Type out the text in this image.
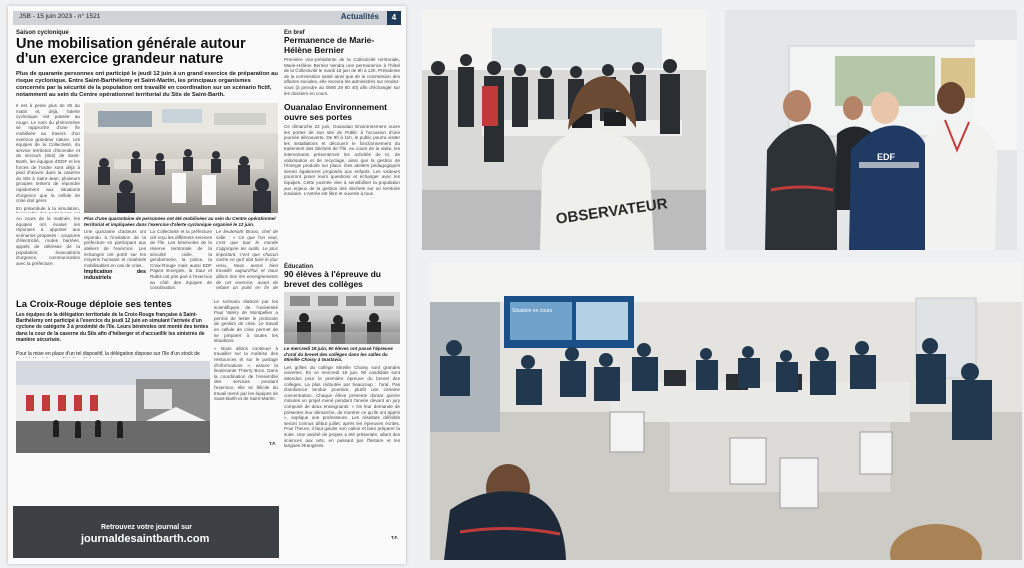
JSB - 15 juin 2023 - n° 1521	Actualités	4
Saison cyclonique
Une mobilisation générale autour
d'un exercice grandeur nature
Plus de quarante personnes ont participé le jeudi 12 juin à un grand exercice de préparation au risque cyclonique. Entre Saint-Barthélemy et Saint-Martin, les principaux organismes concernés par la sécurité de la population ont travaillé en coordination sur un scénario fictif, notamment au sein du Centre opérationnel territorial du Stis de Saint-Barth.

Il est à peine plus de 8h du matin et, déjà, l'alerte cyclonique est passée au rouge. Le nom du phénomène se rapproche d'une île mobilisée au travers d'un exercice grandeur nature. Les équipes de la Collectivité, du service territorial d'incendie et de secours (Stis) de Saint-Barth, les équipes d'EDF et les forces de l'ordre sont déjà à pied d'œuvre dans la caserne du Stis à Saint-Jean, plusieurs groupes tentent de répondre rapidement aux situations d'urgence que la cellule de crise doit gérer.

En préambule à la simulation,

Au cours de la matinée, les équipes ont évalué les réponses à apporter aux scénarios proposés : coupures d'électricité, routes barrées, appels de détresse de la population, évacuations d'urgence, communication avec la préfecture.

Plus d'une quarantaine de personnes ont été mobilisées au sein du Centre opérationnel territorial et impliquées dans l'exercice d'alerte cyclonique organisé le 12 juin.

Une quinzaine d'acteurs ont répondu à l'invitation de la préfecture en participant aux ateliers de l'exercice. Les échanges ont porté sur les moyens humains et matériels mobilisables en cas de crise.

Implication des industriels

La Collectivité et la préfecture ont reçu les différents services de l'île. Les bénévoles de la réserve territoriale de la sécurité civile, la gendarmerie, la police, la Croix-Rouge mais aussi EDF Papeo Energies, la Saur et Rubis ont pris part à l'exercice au côté des équipes de coordination.

Le lieutenant Bruno, chef de salle : « Ce que l'on veut, c'est que tout le monde s'approprie les outils. Le plus important, c'est que chacun sache ce qu'il doit faire le jour venu. Nous avons bien travaillé aujourd'hui et nous allons tirer les enseignements de cet exercice, avant de refaire un point en fin de

La Croix-Rouge déploie ses tentes
Les équipes de la délégation territoriale de la Croix-Rouge française à Saint-Barthélemy ont participé à l'exercice du jeudi 12 juin en simulant l'arrivée d'un cyclone de catégorie 3 à proximité de l'île. Leurs bénévoles ont monté des tentes dans la cour de la caserne du Stis afin d'héberger et d'accueillir les sinistrés de manière sécurisée.
Pour la mise en place d'un tel dispositif, la délégation dispose sur l'île d'un stock de

Le scénario élaboré par les scientifiques de l'université Paul Valéry de Montpellier a permis de tester le protocole de gestion de crise. Le travail en cellule de crise permet de se préparer à toutes les situations.

« Nous allons continuer à travailler sur la maîtrise des ressources et sur le partage d'informations », assure la lieutenante Thierry Bron. Dans la coordination de l'ensemble des services pendant l'exercice, elle se félicite du travail mené par les équipes de Saint-Barth et de Saint-Martin.

T.F.
Retrouvez votre journal sur
journaldesaintbarth.com
En bref
Permanence de Marie-Hélène Bernier
Première vice-présidente de la Collectivité territoriale, Marie-Hélène Bernier tiendra une permanence à l'hôtel de la Collectivité le mardi 18 juin de 9h à 12h. Présidente de la commission santé ainsi que de la commission des affaires sociales, elle recevra les administrés sur rendez-vous (à prendre au 0590 29 80 40) afin d'échanger sur les dossiers en cours.
Ouanalao Environnement ouvre ses portes
Ce dimanche 22 juin, Ouanalao Environnement ouvre les portes de son site de Public à l'occasion d'une journée découverte. De 9h à 11h, le public pourra visiter les installations et découvrir le fonctionnement du traitement des déchets de l'île. Au cours de la visite, les intervenants présenteront les activités de tri, de valorisation et de recyclage, ainsi que la gestion de l'énergie produite sur place. Des ateliers pédagogiques seront également proposés aux enfants. Les visiteurs pourront poser leurs questions et échanger avec les équipes. Cette journée vise à sensibiliser la population aux enjeux de la gestion des déchets sur un territoire insulaire. L'entrée est libre et ouverte à tous.
Éducation
90 élèves à l'épreuve du brevet des collèges
Le mercredi 18 juin, 90 élèves ont passé l'épreuve d'oral du brevet des collèges dans les salles du Mireille Choisy à Gustavia.
Les grilles du collège Mireille Choisy sont grandes ouvertes. En ce mercredi 18 juin, 90 candidats sont attendus pour la première épreuve du brevet des collèges. La plus redoutée par beaucoup : l'oral. Pas d'ambiance tendue pourtant, plutôt une certaine concentration. Chaque élève présente durant quinze minutes un projet mené pendant l'année devant un jury composé de deux enseignants. « On leur demande de présenter leur démarche, de montrer ce qu'ils ont appris », explique une professeure. Les résultats définitifs seront connus début juillet, après les épreuves écrites. Pour l'heure, il faut garder son calme et bien préparer la suite. Une variété de projets a été présentée, allant des sciences aux arts, en passant par l'histoire et les langues étrangères.
T.F.
OBSERVATEUR
EDF
Situation en cours
